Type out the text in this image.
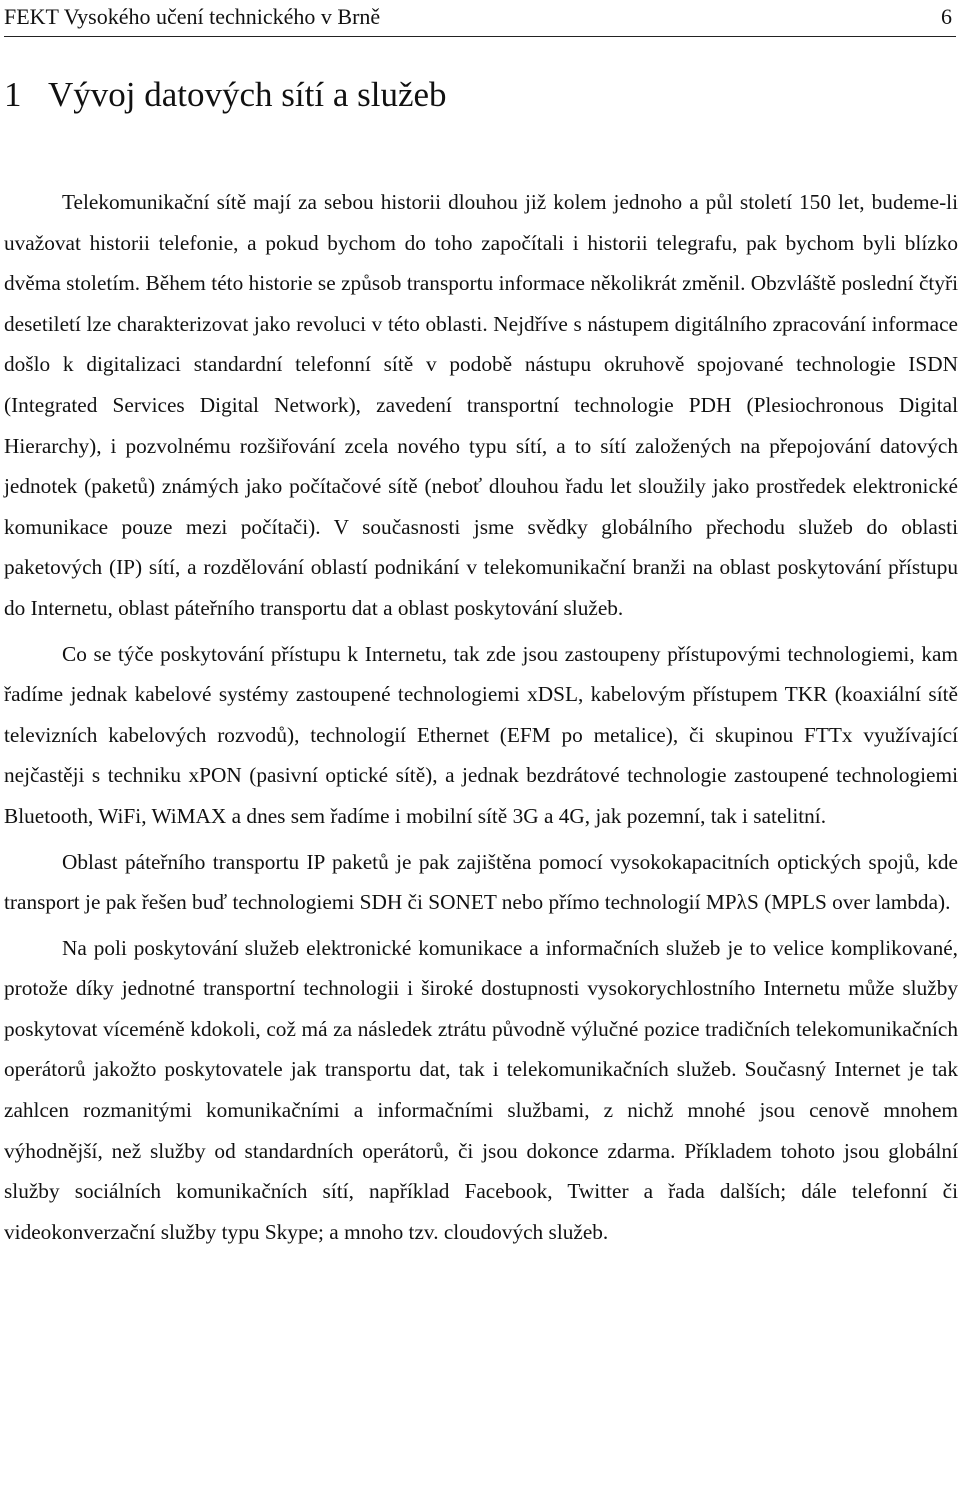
FEKT Vysokého učení technického v Brně	6
1 Vývoj datových sítí a služeb

Telekomunikační sítě mají za sebou historii dlouhou již kolem jednoho a půl století 150 let, budeme-li uvažovat historii telefonie, a pokud bychom do toho započítali i historii telegrafu, pak bychom byli blízko dvěma stoletím. Během této historie se způsob transportu informace několikrát změnil. Obzvláště poslední čtyři desetiletí lze charakterizovat jako revoluci v této oblasti. Nejdříve s nástupem digitálního zpracování informace došlo k digitalizaci standardní telefonní sítě v podobě nástupu okruhově spojované technologie ISDN (Integrated Services Digital Network), zavedení transportní technologie PDH (Plesiochronous Digital Hierarchy), i pozvolnému rozšiřování zcela nového typu sítí, a to sítí založených na přepojování datových jednotek (paketů) známých jako počítačové sítě (neboť dlouhou řadu let sloužily jako prostředek elektronické komunikace pouze mezi počítači). V současnosti jsme svědky globálního přechodu služeb do oblasti paketových (IP) sítí, a rozdělování oblastí podnikání v telekomunikační branži na oblast poskytování přístupu do Internetu, oblast páteřního transportu dat a oblast poskytování služeb.

Co se týče poskytování přístupu k Internetu, tak zde jsou zastoupeny přístupovými technologiemi, kam řadíme jednak kabelové systémy zastoupené technologiemi xDSL, kabelovým přístupem TKR (koaxiální sítě televizních kabelových rozvodů), technologií Ethernet (EFM po metalice), či skupinou FTTx využívající nejčastěji s techniku xPON (pasivní optické sítě), a jednak bezdrátové technologie zastoupené technologiemi Bluetooth, WiFi, WiMAX a dnes sem řadíme i mobilní sítě 3G a 4G, jak pozemní, tak i satelitní.

Oblast páteřního transportu IP paketů je pak zajištěna pomocí vysokokapacitních optických spojů, kde transport je pak řešen buď technologiemi SDH či SONET nebo přímo technologií MPλS (MPLS over lambda).

Na poli poskytování služeb elektronické komunikace a informačních služeb je to velice komplikované, protože díky jednotné transportní technologii i široké dostupnosti vysokorychlostního Internetu může služby poskytovat víceméně kdokoli, což má za následek ztrátu původně výlučné pozice tradičních telekomunikačních operátorů jakožto poskytovatele jak transportu dat, tak i telekomunikačních služeb. Současný Internet je tak zahlcen rozmanitými komunikačními a informačními službami, z nichž mnohé jsou cenově mnohem výhodnější, než služby od standardních operátorů, či jsou dokonce zdarma. Příkladem tohoto jsou globální služby sociálních komunikačních sítí, například Facebook, Twitter a řada dalších; dále telefonní či videokonverzační služby typu Skype; a mnoho tzv. cloudových služeb.
